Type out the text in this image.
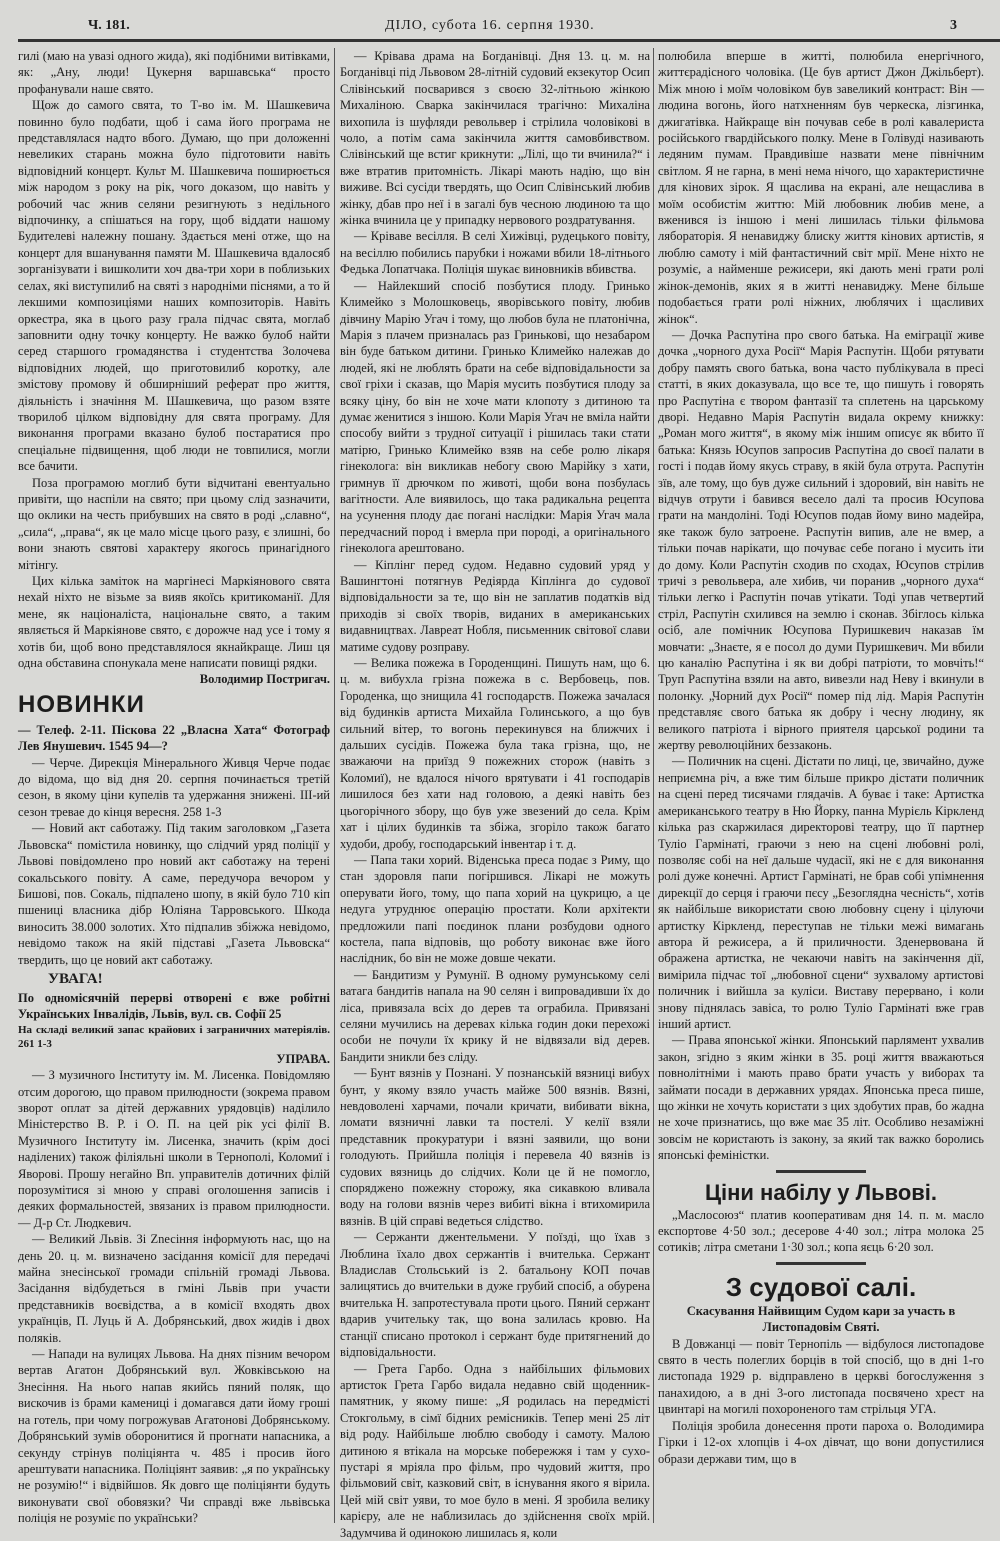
Ч. 181.	ДІЛО, субота 16. серпня 1930.	3

гилі (маю на увазі одного жида), які подібними витівками, як: „Ану, люди! Цукерня варшавська“ просто профанували наше свято.

Щож до самого свята, то Т-во ім. М. Шашкевича повинно було подбати, щоб і сама його програма не представлялася надто вбого. Думаю, що при доложенні невеликих старань можна було підготовити навіть відповідний концерт. Культ М. Шашкевича поширюється між народом з року на рік, чого доказом, що навіть у робочий час жнив селяни резигнують з недільного відпочинку, а спішаться на гору, щоб віддати нашому Будителеві належну пошану. Здається мені отже, що на концерт для вшанування памяти М. Шашкевича вдалосяб зорганізувати і вишколити хоч два-три хори в поблизьких селах, які виступилиб на святі з народніми піснями, а то й лекшими композиціями наших композиторів. Навіть оркестра, яка в цього разу грала підчас свята, моглаб заповнити одну точку концерту. Не важко булоб найти серед старшого громадянства і студентства Золочева відповідних людей, що приготовилиб коротку, але змістову промову й обширніший реферат про життя, діяльність і значіння М. Шашкевича, що разом взяте творилоб цілком відповідну для свята програму. Для виконання програми вказано булоб постаратися про спеціальне підвищення, щоб люди не товпилися, могли все бачити.

Поза програмою моглиб бути відчитані евентуально привіти, що наспіли на свято; при цьому слід зазначити, що оклики на честь прибувших на свято в роді „славно“, „сила“, „права“, як це мало місце цього разу, є злишні, бо вони знають святові характеру якогось принагідного мітінгу.

Цих кілька заміток на маргінесі Маркіянового свята нехай ніхто не візьме за вияв якоїсь критикоманії. Для мене, як націоналіста, національне свято, а таким являється й Маркіянове свято, є дорожче над усе і тому я хотів би, щоб воно представлялося якнайкраще. Лиш ця одна обставина спонукала мене написати повищі рядки.

Володимир Постригач.
НОВИНКИ

— Телеф. 2-11. Піскова 22 „Власна Хата“ Фотограф Лев Янушевич. 1545 94—?

— Черче. Дирекція Мінерального Живця Черче подає до відома, що від дня 20. серпня починається третій сезон, в якому ціни купелів та удержання знижені. III-ий сезон тревае до кінця вересня. 258 1-3

— Новий акт саботажу. Під таким заголовком „Газета Львовска“ помістила новинку, що слідчий уряд поліції у Львові повідомлено про новий акт саботажу на терені сокальського повіту. А саме, передучора вечором у Бишові, пов. Сокаль, підпалено шопу, в якій було 710 кіп пшениці власника дібр Юліяна Тарровського. Шкода виносить 38.000 золотих. Хто підпалив збіжжа невідомо, невідомо також на якій підставі „Газета Львовска“ твердить, що це новий акт саботажу.

УВАГА!

По одномісячній перерві отворені є вже робітні Українських Інвалідів, Львів, вул. св. Софії 25

На складі великий запас крайових і заграничних матеріялів. 261 1-3

УПРАВА.

— З музичного Інституту ім. М. Лисенка. Повідомляю отсим дорогою, що правом прилюдности (зокрема правом зворот оплат за дітей державних урядовців) наділило Міністерство В. Р. і О. П. на цей рік усі філії В. Музичного Інституту ім. Лисенка, значить (крім досі наділених) також філіяльні школи в Тернополі, Коломиї і Яворові. Прошу негайно Вп. управителів дотичних філій порозумітися зі мною у справі оголошення записів і деяких формальностей, звязаних із правом прилюдности. — Д-р Ст. Людкевич.

— Великий Львів. Зі Znесіння інформують нас, що на день 20. ц. м. визначено засідання комісії для передачі майна знесінської громади спільній громаді Львова. Засідання відбудеться в гміні Львів при участи представників воєвідства, а в комісії входять двох українців, П. Луць й А. Добрянський, двох жидів і двох поляків.

— Напади на вулицях Львова. На днях пізним вечором вертав Агатон Добрянський вул. Жовківською на Знесіння. На нього напав якийсь пяний поляк, що вискочив із брами камениці і домагався дати йому гроші на готель, при чому погрожував Агатонові Добрянському. Добрянський зумів оборонитися й прогнати напасника, а секунду стрінув поліціянта ч. 485 і просив його арештувати напасника. Поліціянт заявив: „я по українську не розумію!“ і відвійшов. Як довго ще поліціянти будуть виконувати свої обовязки? Чи справді вже львівська поліція не розуміє по українськи?

— Крівава драма на Богданівці. Дня 13. ц. м. на Богданівці під Львовом 28-літній судовий екзекутор Осип Слівінський посварився з своєю 32-літньою жінкою Михаліною. Сварка закінчилася трагічно: Михаліна вихопила із шуфляди револьвер і стрілила чоловікові в чоло, а потім сама закінчила життя самовбивством. Слівінський ще встиг крикнути: „Лілі, що ти вчинила?“ і вже втратив притомність. Лікарі мають надію, що він виживе. Всі сусіди твердять, що Осип Слівінський любив жінку, дбав про неї і в загалі був чесною людиною та що жінка вчинила це у припадку нервового роздратування.

— Кріваве весілля. В селі Хижівці, рудецького повіту, на весіллю побились парубки і ножами вбили 18-літнього Федька Лопатчака. Поліція шукає виновників вбивства.

— Найлекший спосіб позбутися плоду. Гринько Климейко з Молошковець, яворівського повіту, любив дівчину Марію Угач і тому, що любов була не платонічна, Марія з плачем призналась раз Гринькові, що незабаром він буде батьком дитини. Гринько Климейко належав до людей, які не люблять брати на себе відповідальности за свої гріхи і сказав, що Марія мусить позбутися плоду за всяку ціну, бо він не хоче мати клопоту з дитиною та думає женитися з іншою. Коли Марія Угач не вміла найти способу вийти з трудної ситуації і рішилась таки стати матірю, Гринько Климейко взяв на себе ролю лікаря гінеколога: він викликав небогу свою Марійку з хати, гримнув її дрючком по животі, щоби вона позбулась вагітности. Але виявилось, що така радикальна рецепта на усунення плоду дає погані наслідки: Марія Угач мала передчасний пород і вмерла при породі, а оригінального гінеколога арештовано.

— Кіплінг перед судом. Недавно судовий уряд у Вашингтоні потягнув Редіярда Кіплінга до судової відповідальности за те, що він не заплатив податків від приходів зі своїх творів, виданих в американських видавництвах. Лавреат Нобля, письменник світової слави матиме судову розправу.

— Велика пожежа в Городенщині. Пишуть нам, що 6. ц. м. вибухла грізна пожежа в с. Вербовець, пов. Городенка, що знищила 41 господарств. Пожежа зачалася від будинків артиста Михайла Голинського, а що був сильний вітер, то вогонь перекинувся на ближчих і дальших сусідів. Пожежа була така грізна, що, не зважаючи на приїзд 9 пожежних сторож (навіть з Коломиї), не вдалося нічого врятувати і 41 господарів лишилося без хати над головою, а деякі навіть без цьогорічного збору, що був уже звезений до села. Крім хат і цілих будинків та збіжа, згоріло також багато худоби, дробу, господарський інвентар і т. д.

— Папа таки хорий. Віденська преса подає з Риму, що стан здоровля папи погіршився. Лікарі не можуть оперувати його, тому, що папа хорий на цукрицю, а це недуга утруднює операцію простати. Коли архітекти предложили папі поєдинок плани розбудови одного костела, папа відповів, що роботу виконає вже його наслідник, бо він не може довше чекати.

— Бандитизм у Румунії. В одному румунському селі ватага бандитів напала на 90 селян і випровадивши їх до ліса, привязала всіх до дерев та ограбила. Привязані селяни мучились на деревах кілька годин доки перехожі особи не почули їх крику й не відвязали від дерев. Бандити зникли без сліду.

— Бунт вязнів у Познані. У познанській вязниці вибух бунт, у якому взяло участь майже 500 вязнів. Вязні, невдоволені харчами, почали кричати, вибивати вікна, ломати вязничні лавки та постелі. У келії взяли представник прокуратури і вязні заявили, що вони голодують. Прийшла поліція і перевела 40 вязнів із судових вязниць до слідчих. Коли це й не помогло, споряджено пожежну сторожу, яка сикавкою вливала воду на голови вязнів через вибиті вікна і втихомирила вязнів. В цій справі ведеться слідство.

— Сержанти джентельмени. У поїзді, що їхав з Люблина їхало двох сержантів і вчителька. Сержант Владислав Стольський із 2. батальону КОП почав залицятись до вчительки в дуже грубий спосіб, а обурена вчителька Н. запротестувала проти цього. Пяний сержант вдарив учительку так, що вона залилась кровю. На станції списано протокол і сержант буде притягнений до відповідальности.

— Грета Гарбо. Одна з найбільших фільмових артисток Грета Гарбо видала недавно свій щоденник-памятник, у якому пише: „Я родилась на передмісті Стокгольму, в сімї бідних ремісників. Тепер мені 25 літ від роду. Найбільше люблю свободу і самоту. Малою дитиною я втікала на морське побережжя і там у сухо-пустарі я мріяла про фільм, про чудовий життя, про фільмовий світ, казковий світ, в існування якого я вірила. Цей мій світ уяви, то мое було в мені. Я зробила велику карієру, але не наблизилась до здійснення своїх мрій. Задумчива й одинокою лишилась я, коли

полюбила вперше в житті, полюбила енергічного, життєрадісного чоловіка. (Це був артист Джон Джільберт). Між мною і моїм чоловіком був завеликий контраст: Він — людина вогонь, його натхненням був черкеска, лізгинка, джигатівка. Найкраще він почував себе в ролі кавалериста російського гвардійського полку. Мене в Голівуді називають ледяним пумам. Правдивіше назвати мене північним світлом. Я не гарна, в мені нема нічого, що характеристичне для кінових зірок. Я щаслива на екрані, але нещаслива в моїм особистім життю: Мій любовник любив мене, а вженився із іншою і мені лишилась тільки фільмова лябораторія. Я ненавиджу блиску життя кінових артистів, я люблю самоту і мій фантастичний світ мрії. Мене ніхто не розуміє, а найменше режисери, які дають мені грати ролі жінок-демонів, яких я в житті ненавиджу. Мене більше подобається грати ролі ніжних, люблячих і щасливих жінок“.

— Дочка Распутіна про свого батька. На еміграції живе дочка „чорного духа Росії“ Марія Распутін. Щоби рятувати добру память свого батька, вона часто публікувала в пресі статті, в яких доказувала, що все те, що пишуть і говорять про Распутіна є твором фантазії та сплетень на царському дворі. Недавно Марія Распутін видала окрему книжку: „Роман мого життя“, в якому між іншим описує як вбито її батька: Князь Юсупов запросив Распутіна до своєї палати в гості і подав йому якусь страву, в якій була отрута. Распутін зїв, але тому, що був дуже сильний і здоровий, він навіть не відчув отрути і бавився весело далі та просив Юсупова грати на мандоліні. Тоді Юсупов подав йому вино мадейра, яке також було затроене. Распутін випив, але не вмер, а тільки почав нарікати, що почуває себе погано і мусить іти до дому. Коли Распутін сходив по сходах, Юсупов стрілив тричі з револьвера, але хибив, чи поранив „чорного духа“ тільки легко і Распутін почав утікати. Тоді упав четвертий стріл, Распутін схилився на землю і сконав. Збіглось кілька осіб, але помічник Юсупова Пуришкевич наказав їм мовчати: „Знаєте, я е посол до думи Пуришкевич. Ми вбили цю каналію Распутіна і як ви добрі патріоти, то мовчіть!“ Труп Распутіна взяли на авто, вивезли над Неву і вкинули в полонку. „Чорний дух Росії“ помер під лід. Марія Распутін представляє свого батька як добру і чесну людину, як великого патріота і вірного приятеля царської родини та жертву революційних беззаконь.

— Поличник на сцені. Дістати по лиці, це, звичайно, дуже неприємна річ, а вже тим більше прикро дістати поличник на сцені перед тисячами глядачів. А буває і таке: Артистка американського театру в Ню Йорку, панна Мурієль Кіркленд кілька раз скаржилася директорові театру, що її партнер Туліо Гармінаті, граючи з нею на сцені любовні ролі, позволяє собі на неї дальше чудасії, які не є для виконання ролі дуже конечні. Артист Гармінаті, не брав собі упімнення дирекції до серця і граючи пєсу „Безоглядна чесність“, хотів як найбільше використати свою любовну сцену і цілуючи артистку Кіркленд, переступав не тільки межі вимагань автора й режисера, а й приличности. Зденервована й ображена артистка, не чекаючи навіть на закінчення дії, вимірила підчас тої „любовної сцени“ зухвалому артистові поличник і вийшла за куліси. Виставу перервано, і коли знову піднялась завіса, то ролю Туліо Гармінаті вже грав інший артист.

— Права японської жінки. Японський парлямент ухвалив закон, згідно з яким жінки в 35. році життя вважаються повнолітніми і мають право брати участь у виборах та займати посади в державних урядах. Японська преса пише, що жінки не хочуть користати з цих здобутих прав, бо жадна не хоче признатись, що вже має 35 літ. Особливо незаміжні зовсім не користають із закону, за який так важко боролись японські феміністки.

Ціни набілу у Львові.

„Маслосоюз“ платив кооперативам дня 14. п. м. масло експортове 4·50 зол.; десерове 4·40 зол.; літра молока 25 сотиків; літра сметани 1·30 зол.; копа яєць 6·20 зол.

З судової салі.

Скасування Найвищим Судом кари за участь в Листопадовім Святі.

В Довжанці — повіт Тернопіль — відбулося листопадове свято в честь полеглих борців в той спосіб, що в дні 1-го листопада 1929 р. відправлено в церкві богослуження з панахидою, а в дні 3-ого листопада посвячено хрест на цвинтарі на могилі похороненого там стрільця УГА.

Поліція зробила донесення проти пароха о. Володимира Гірки і 12-ох хлопців і 4-ох дівчат, що вони допустилися образи держави тим, що в
